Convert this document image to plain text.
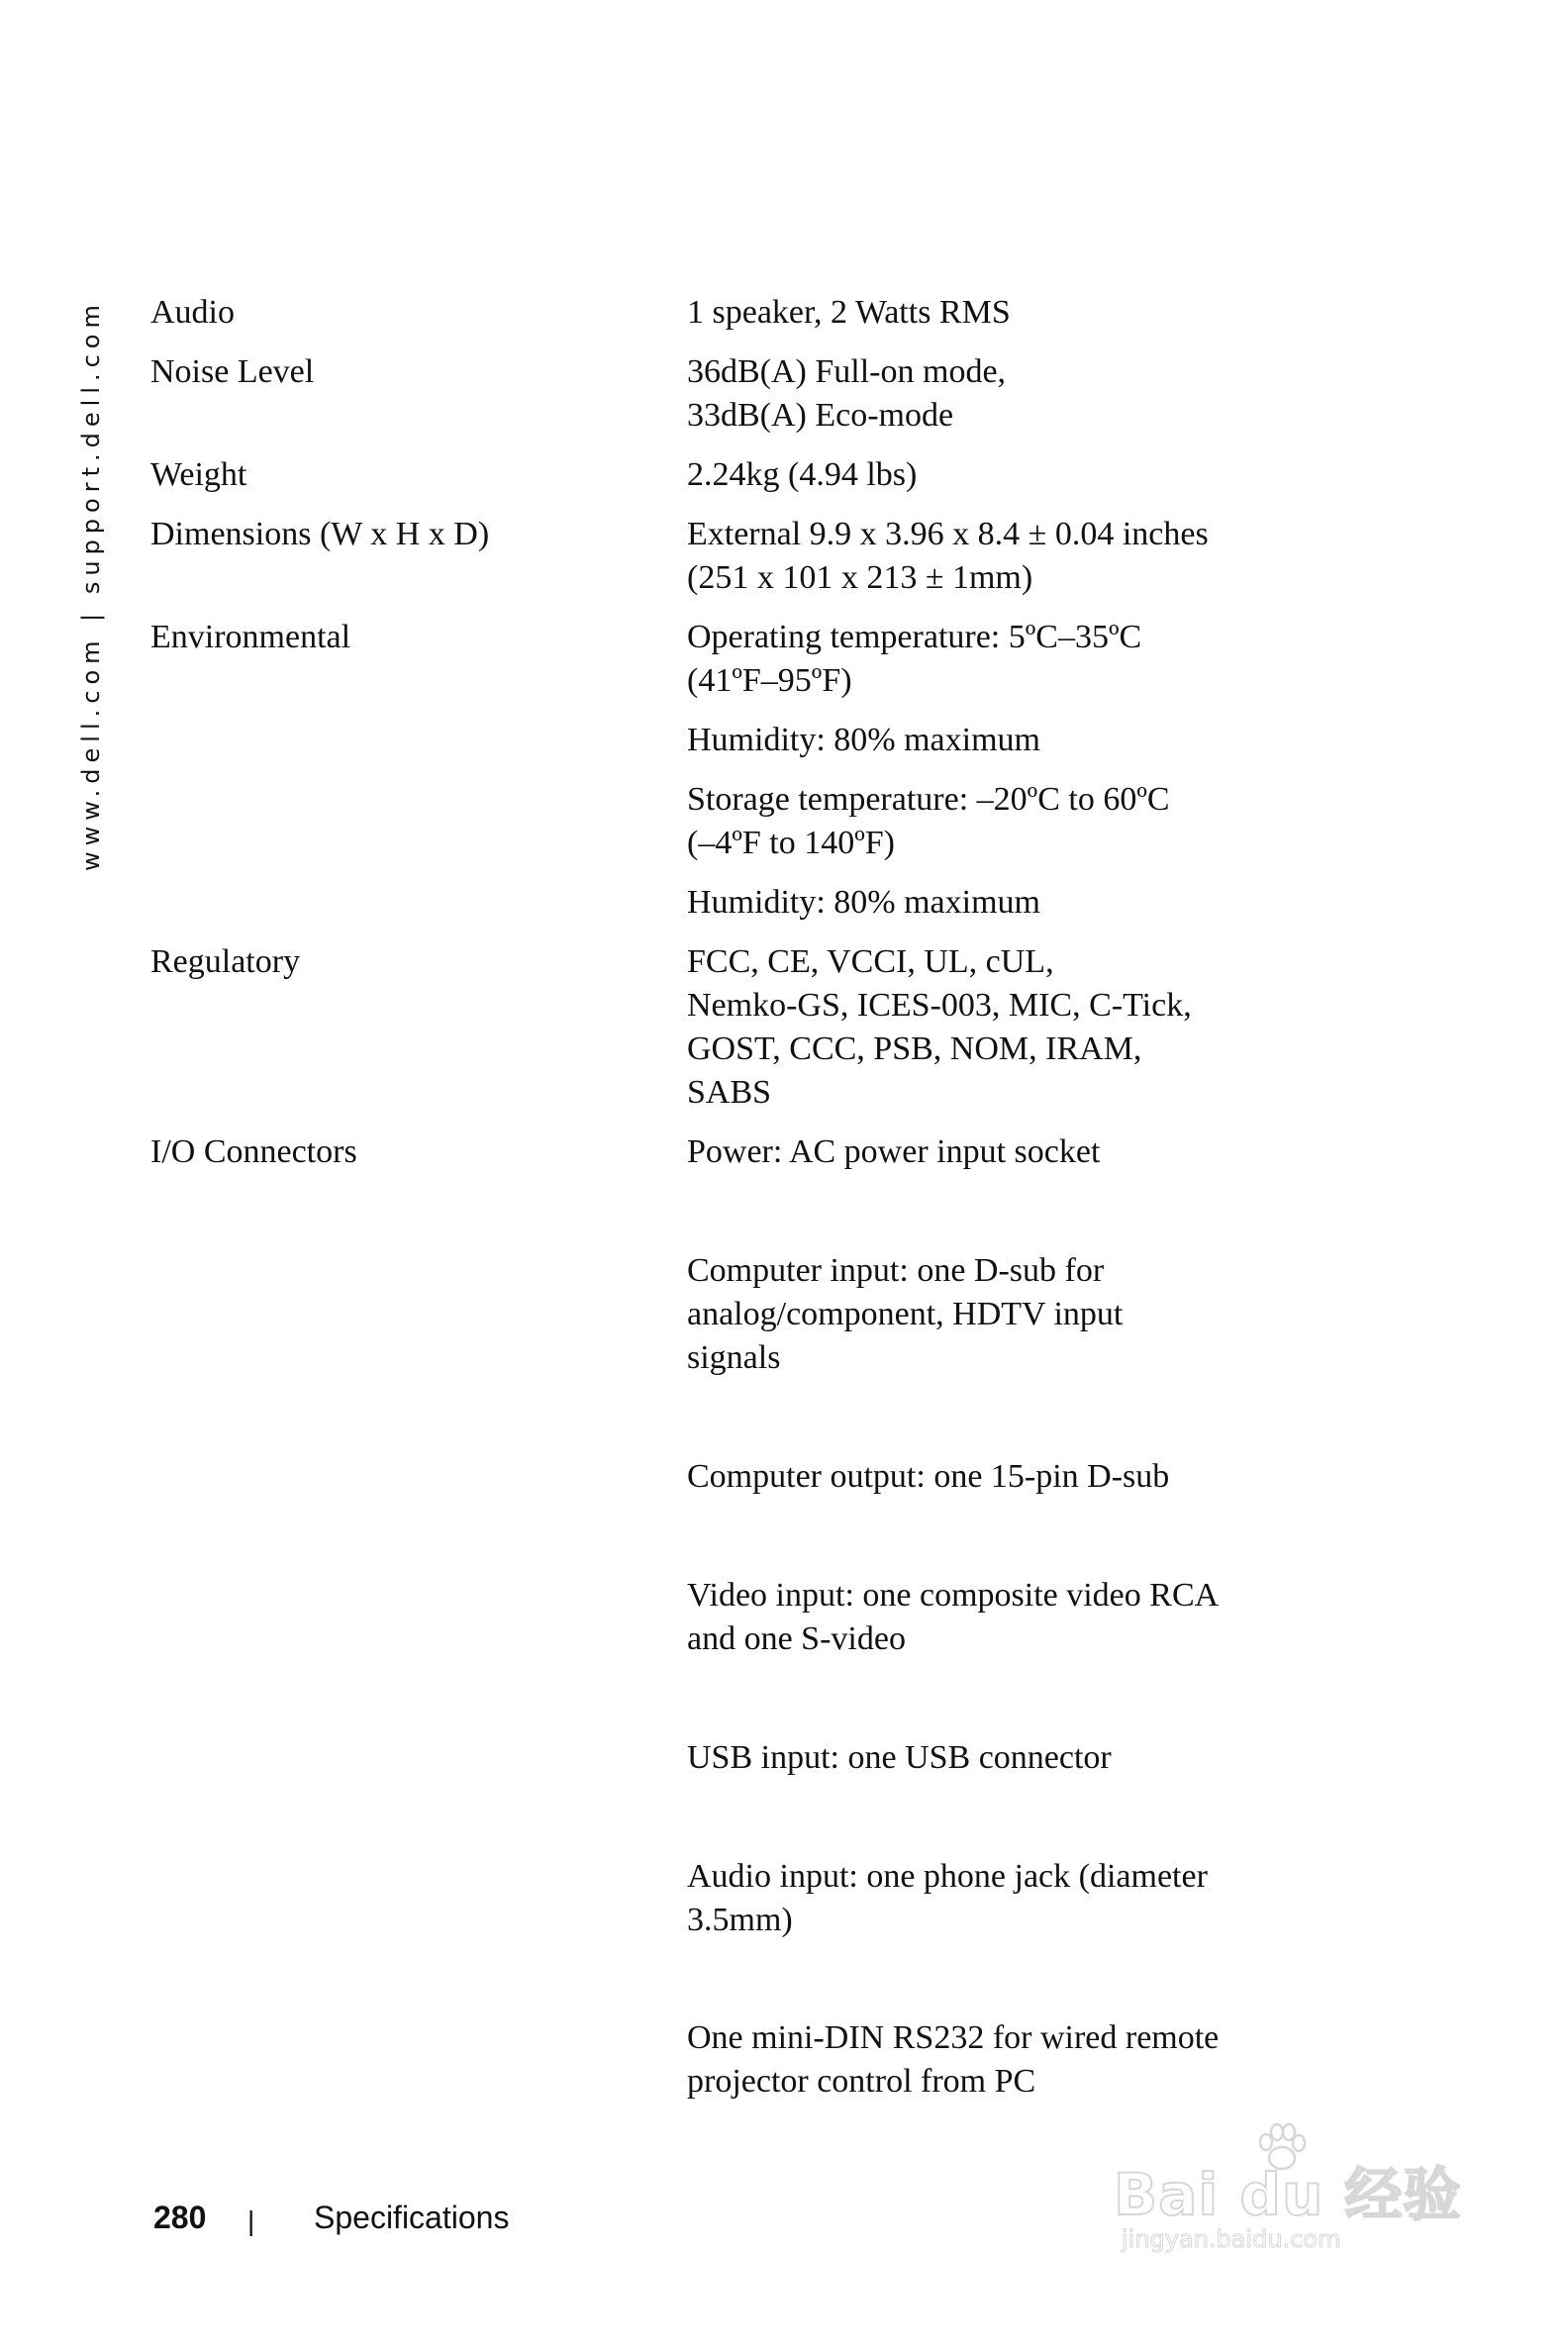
www.dell.com | support.dell.com Audio	1 speaker, 2 Watts RMS
Noise Level	36dB(A) Full-on mode,
33dB(A) Eco-mode
Weight	2.24kg (4.94 lbs)
Dimensions (W x H x D)	External 9.9 x 3.96 x 8.4 ± 0.04 inches
(251 x 101 x 213 ± 1mm)
Environmental	Operating temperature: 5ºC–35ºC
(41ºF–95ºF)
Humidity: 80% maximum
Storage temperature: –20ºC to 60ºC
(–4ºF to 140ºF)
Humidity: 80% maximum
Regulatory	FCC, CE, VCCI, UL, cUL,
Nemko-GS, ICES-003, MIC, C-Tick,
GOST, CCC, PSB, NOM, IRAM,
SABS
I/O Connectors	Power: AC power input socket
Computer input: one D-sub for
analog/component, HDTV input
signals
Computer output: one 15-pin D-sub
Video input: one composite video RCA
and one S-video
USB input: one USB connector
Audio input: one phone jack (diameter
3.5mm)
One mini-DIN RS232 for wired remote
projector control from PC
280 | Specifications	Bai du 经验
jingyan.baidu.com
